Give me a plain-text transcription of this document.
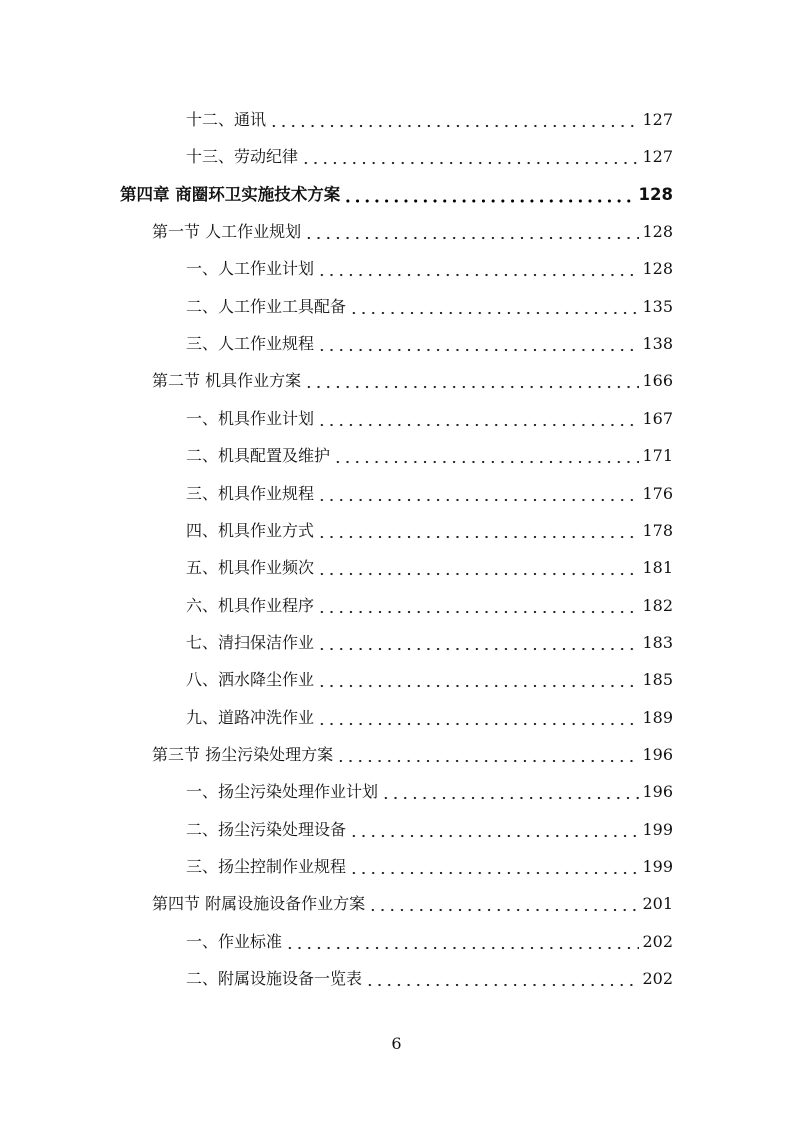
十二、通讯	127
十三、劳动纪律	127
第四章 商圈环卫实施技术方案	128
第一节 人工作业规划	128
一、人工作业计划	128
二、人工作业工具配备	135
三、人工作业规程	138
第二节 机具作业方案	166
一、机具作业计划	167
二、机具配置及维护	171
三、机具作业规程	176
四、机具作业方式	178
五、机具作业频次	181
六、机具作业程序	182
七、清扫保洁作业	183
八、洒水降尘作业	185
九、道路冲洗作业	189
第三节 扬尘污染处理方案	196
一、扬尘污染处理作业计划	196
二、扬尘污染处理设备	199
三、扬尘控制作业规程	199
第四节 附属设施设备作业方案	201
一、作业标准	202
二、附属设施设备一览表	202
6
